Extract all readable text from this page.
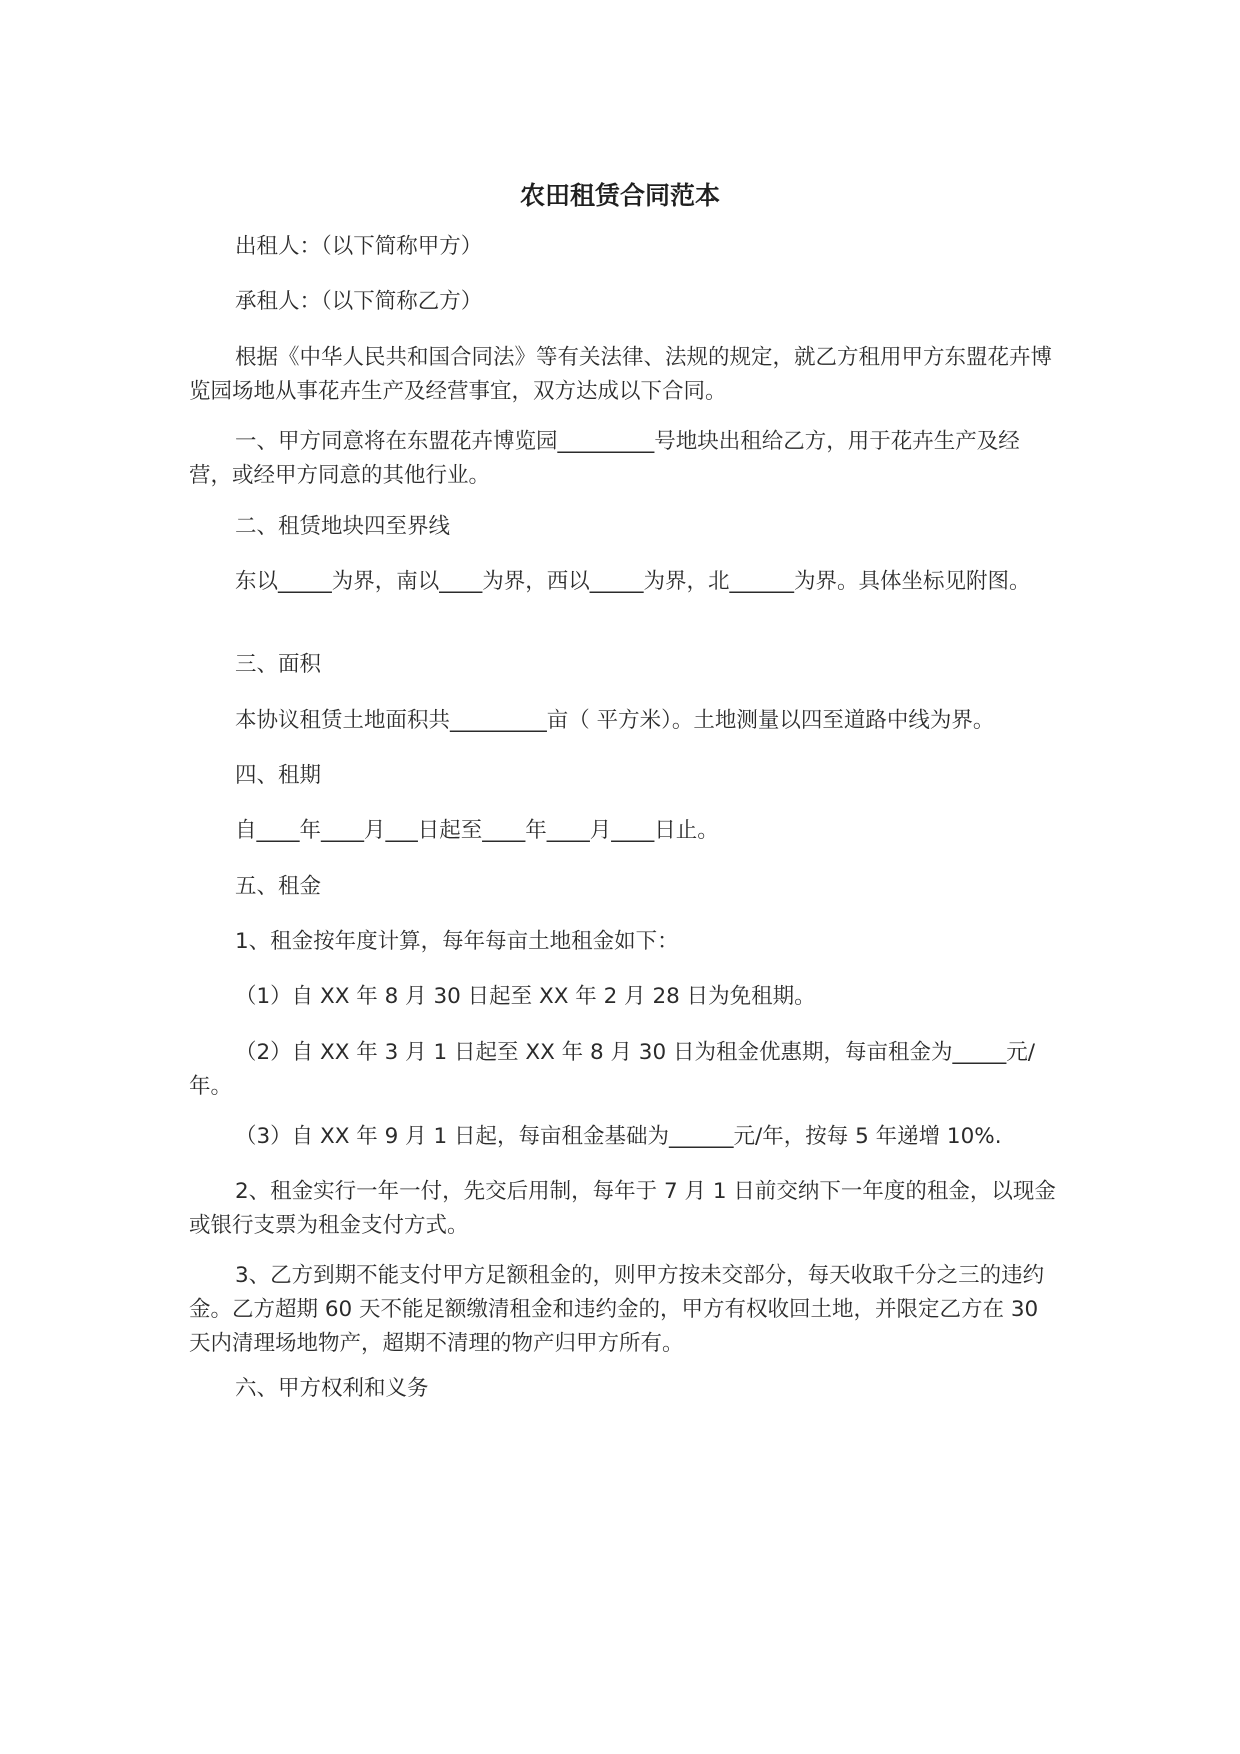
农田租赁合同范本

出租人：（以下简称甲方）

承租人：（以下简称乙方）

根据《中华人民共和国合同法》等有关法律、法规的规定，就乙方租用甲方东盟花卉博览园场地从事花卉生产及经营事宜，双方达成以下合同。

一、甲方同意将在东盟花卉博览园_________号地块出租给乙方，用于花卉生产及经营，或经甲方同意的其他行业。

二、租赁地块四至界线

东以_____为界，南以____为界，西以_____为界，北______为界。具体坐标见附图。

三、面积

本协议租赁土地面积共_________亩（ 平方米）。土地测量以四至道路中线为界。

四、租期

自____年____月___日起至____年____月____日止。

五、租金

1、租金按年度计算，每年每亩土地租金如下：

（1）自 XX 年 8 月 30 日起至 XX 年 2 月 28 日为免租期。

（2）自 XX 年 3 月 1 日起至 XX 年 8 月 30 日为租金优惠期，每亩租金为_____元/年。

（3）自 XX 年 9 月 1 日起，每亩租金基础为______元/年，按每 5 年递增 10%.

2、租金实行一年一付，先交后用制，每年于 7 月 1 日前交纳下一年度的租金，以现金或银行支票为租金支付方式。

3、乙方到期不能支付甲方足额租金的，则甲方按未交部分，每天收取千分之三的违约金。乙方超期 60 天不能足额缴清租金和违约金的，甲方有权收回土地，并限定乙方在 30 天内清理场地物产，超期不清理的物产归甲方所有。

六、甲方权利和义务
